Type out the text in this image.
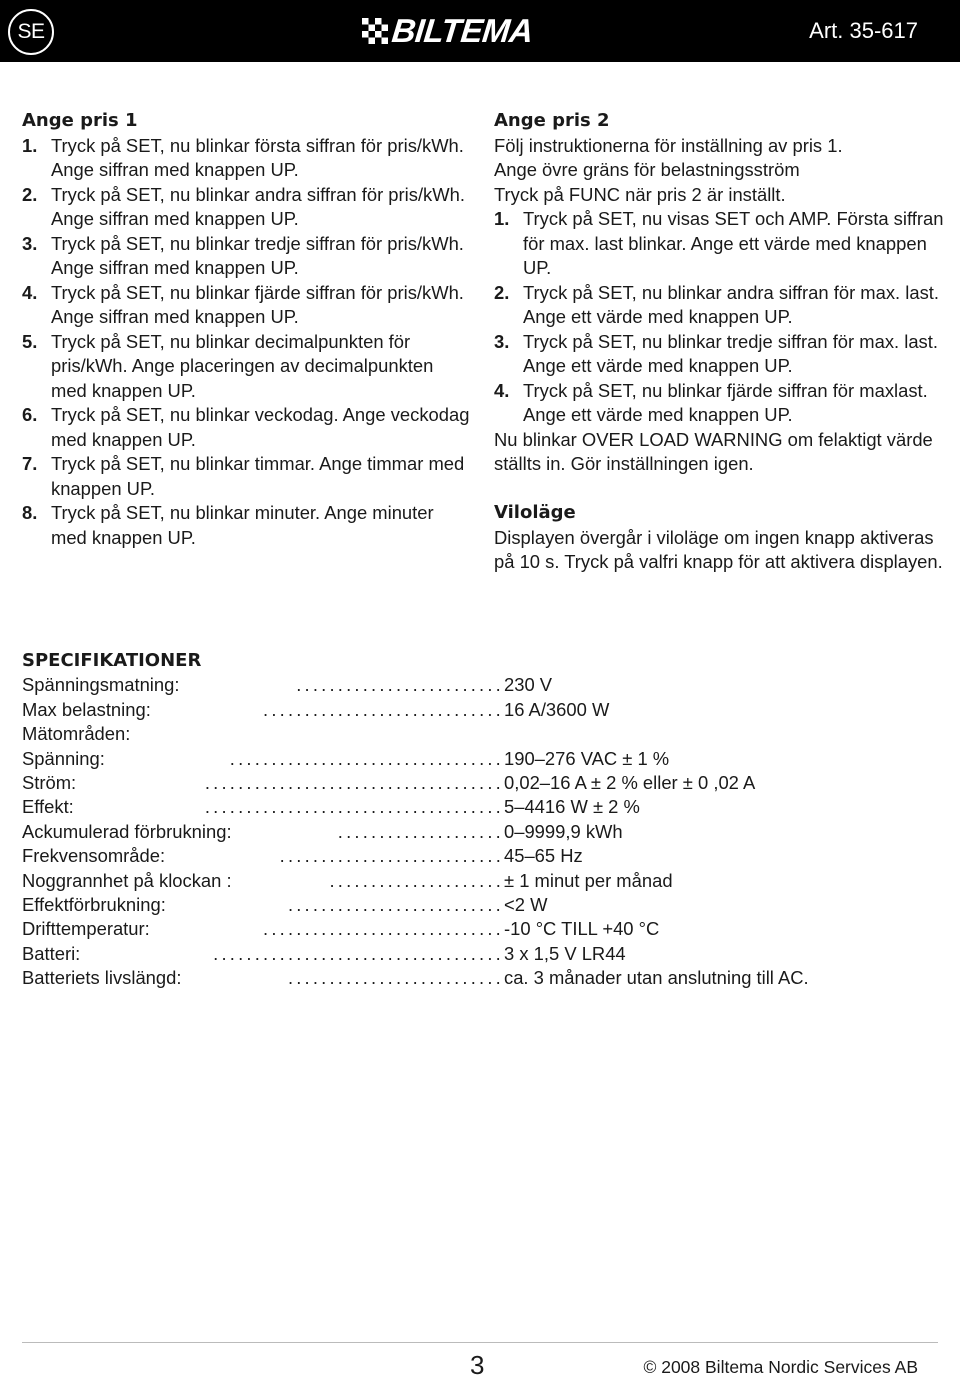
SE	BILTEMA	Art. 35-617

Ange pris 1

1. Tryck på SET, nu blinkar första siffran för pris/kWh. Ange siffran med knappen UP.
2. Tryck på SET, nu blinkar andra siffran för pris/kWh. Ange siffran med knappen UP.
3. Tryck på SET, nu blinkar tredje siffran för pris/kWh. Ange siffran med knappen UP.
4. Tryck på SET, nu blinkar fjärde siffran för pris/kWh. Ange siffran med knappen UP.
5. Tryck på SET, nu blinkar decimalpunkten för pris/kWh. Ange placeringen av decimalpunkten med knappen UP.
6. Tryck på SET, nu blinkar veckodag. Ange veckodag med knappen UP.
7. Tryck på SET, nu blinkar timmar. Ange timmar med knappen UP.
8. Tryck på SET, nu blinkar minuter. Ange minuter med knappen UP.

Ange pris 2

Följ instruktionerna för inställning av pris 1.

Ange övre gräns för belastningsström

Tryck på FUNC när pris 2 är inställt.

1. Tryck på SET, nu visas SET och AMP. Första siffran för max. last blinkar. Ange ett värde med knappen UP.
2. Tryck på SET, nu blinkar andra siffran för max. last. Ange ett värde med knappen UP.
3. Tryck på SET, nu blinkar tredje siffran för max. last. Ange ett värde med knappen UP.
4. Tryck på SET, nu blinkar fjärde siffran för maxlast. Ange ett värde med knappen UP.

Nu blinkar OVER LOAD WARNING om felaktigt värde ställts in. Gör inställningen igen.

Viloläge

Displayen övergår i viloläge om ingen knapp aktiveras på 10 s. Tryck på valfri knapp för att aktivera displayen.

SPECIFIKATIONER

Spänningsmatning:	......................... 230 V
Max belastning:	............................. 16 A/3600 W
Mätområden:
Spänning:	................................. 190–276 VAC ± 1 %
Ström:	.................................... 0,02–16 A ± 2 % eller ± 0 ,02 A
Effekt:	.................................... 5–4416 W ± 2 %
Ackumulerad förbrukning:	.................... 0–9999,9 kWh
Frekvensområde:	........................... 45–65 Hz
Noggrannhet på klockan :	..................... ± 1 minut per månad
Effektförbrukning:	.......................... <2 W
Drifttemperatur:	............................. -10 °C TILL +40 °C
Batteri:	................................... 3 x 1,5 V LR44
Batteriets livslängd:	.......................... ca. 3 månader utan anslutning till AC.
3	© 2008 Biltema Nordic Services AB
